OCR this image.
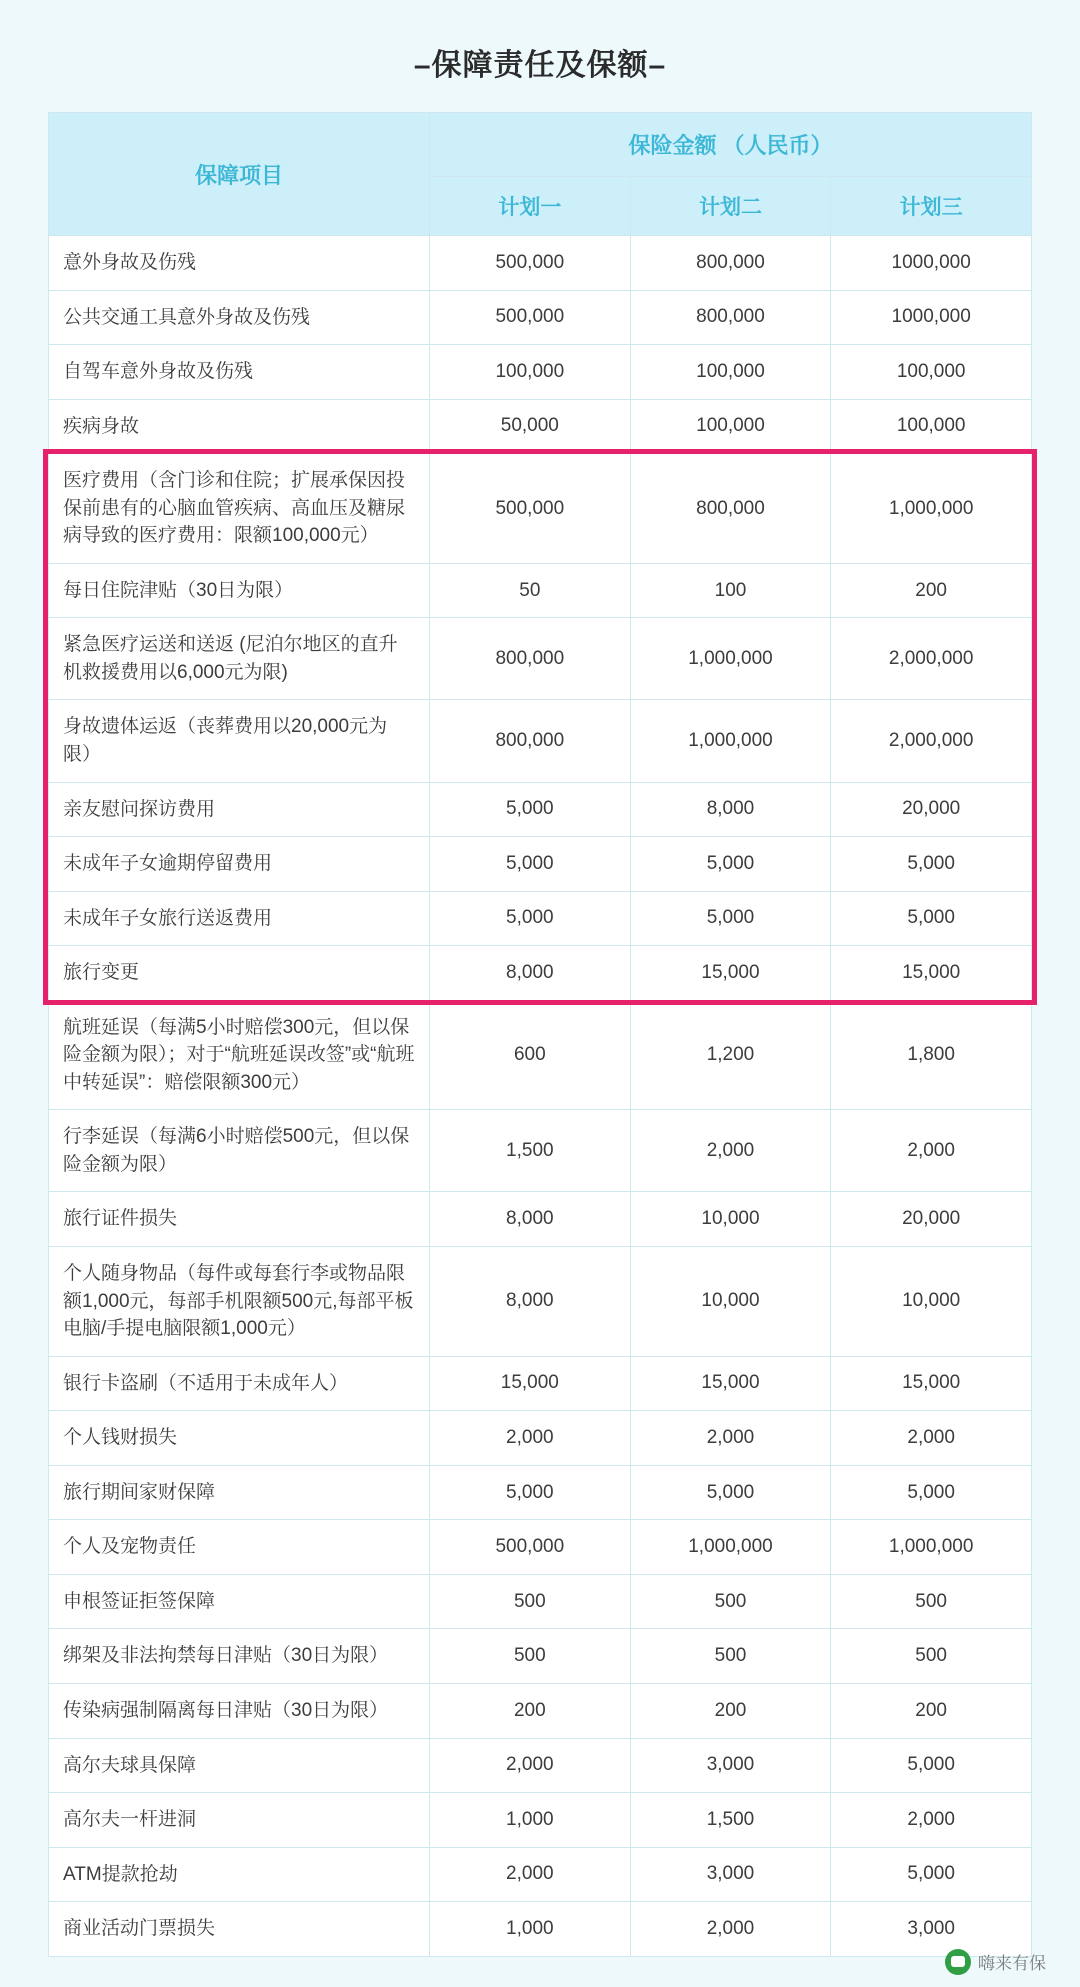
–保障责任及保额–
保障项目	保险金额 （人民币）		
	计划一	计划二	计划三
意外身故及伤残	500,000	800,000	1000,000
公共交通工具意外身故及伤残	500,000	800,000	1000,000
自驾车意外身故及伤残	100,000	100,000	100,000
疾病身故	50,000	100,000	100,000
医疗费用（含门诊和住院；扩展承保因投保前患有的心脑血管疾病、高血压及糖尿病导致的医疗费用：限额100,000元）	500,000	800,000	1,000,000
每日住院津贴（30日为限）	50	100	200
紧急医疗运送和送返 (尼泊尔地区的直升机救援费用以6,000元为限)	800,000	1,000,000	2,000,000
身故遗体运返（丧葬费用以20,000元为限）	800,000	1,000,000	2,000,000
亲友慰问探访费用	5,000	8,000	20,000
未成年子女逾期停留费用	5,000	5,000	5,000
未成年子女旅行送返费用	5,000	5,000	5,000
旅行变更	8,000	15,000	15,000
航班延误（每满5小时赔偿300元，但以保险金额为限）；对于“航班延误改签”或“航班中转延误”：赔偿限额300元）	600	1,200	1,800
行李延误（每满6小时赔偿500元，但以保险金额为限）	1,500	2,000	2,000
旅行证件损失	8,000	10,000	20,000
个人随身物品（每件或每套行李或物品限额1,000元，每部手机限额500元,每部平板电脑/手提电脑限额1,000元）	8,000	10,000	10,000
银行卡盗刷（不适用于未成年人）	15,000	15,000	15,000
个人钱财损失	2,000	2,000	2,000
旅行期间家财保障	5,000	5,000	5,000
个人及宠物责任	500,000	1,000,000	1,000,000
申根签证拒签保障	500	500	500
绑架及非法拘禁每日津贴（30日为限）	500	500	500
传染病强制隔离每日津贴（30日为限）	200	200	200
高尔夫球具保障	2,000	3,000	5,000
高尔夫一杆进洞	1,000	1,500	2,000
ATM提款抢劫	2,000	3,000	5,000
商业活动门票损失	1,000	2,000	3,000
嗨来有保
